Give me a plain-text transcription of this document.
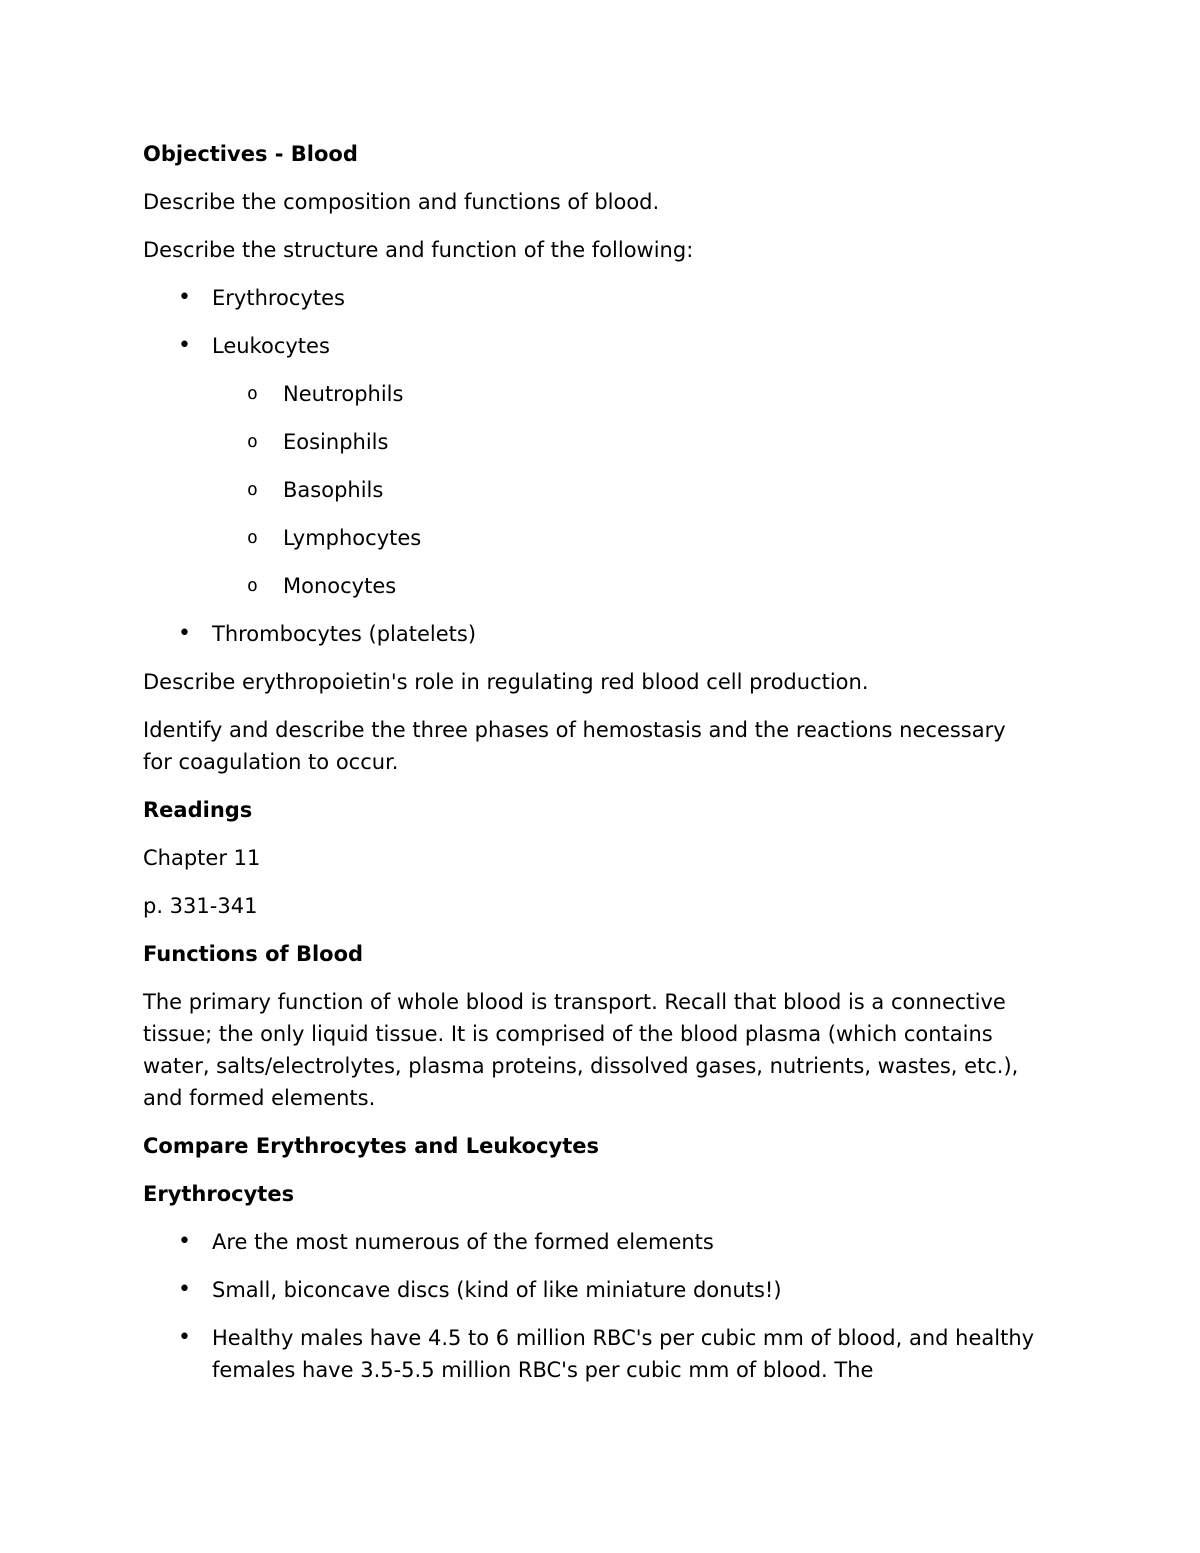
Objectives - Blood
Describe the composition and functions of blood.
Describe the structure and function of the following:
• Erythrocytes
• Leukocytes
o Neutrophils
o Eosinphils
o Basophils
o Lymphocytes
o Monocytes
• Thrombocytes (platelets)
Describe erythropoietin's role in regulating red blood cell production.
Identify and describe the three phases of hemostasis and the reactions necessary for coagulation to occur.
Readings
Chapter 11
p. 331-341
Functions of Blood
The primary function of whole blood is transport. Recall that blood is a connective tissue; the only liquid tissue. It is comprised of the blood plasma (which contains water, salts/electrolytes, plasma proteins, dissolved gases, nutrients, wastes, etc.), and formed elements.
Compare Erythrocytes and Leukocytes
Erythrocytes
• Are the most numerous of the formed elements
• Small, biconcave discs (kind of like miniature donuts!)
• Healthy males have 4.5 to 6 million RBC's per cubic mm of blood, and healthy females have 3.5-5.5 million RBC's per cubic mm of blood. The
